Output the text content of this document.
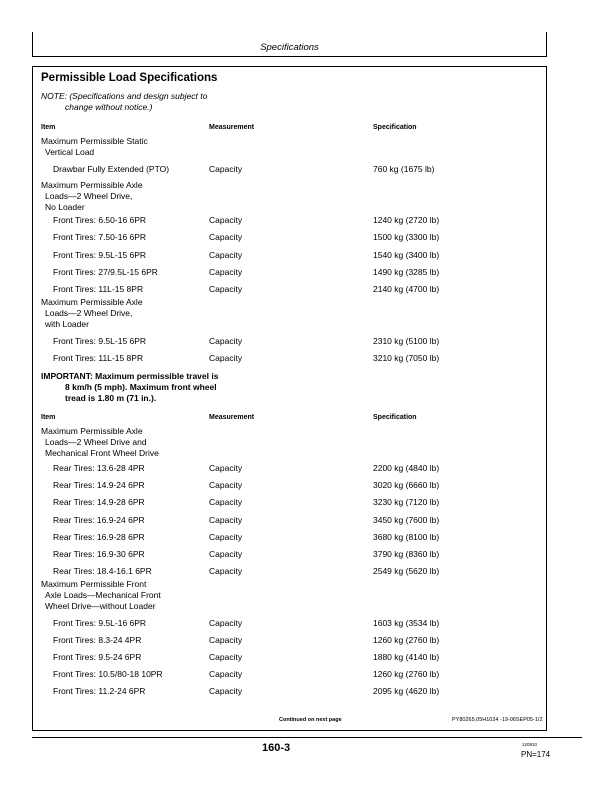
Specifications
Permissible Load Specifications
NOTE: (Specifications and design subject to
change without notice.)
Item	Measurement	Specification
Maximum Permissible Static
Vertical Load
Drawbar Fully Extended (PTO)	Capacity	760 kg (1675 lb)
Maximum Permissible Axle
Loads—2 Wheel Drive,
No Loader
Front Tires: 6.50-16 6PR	Capacity	1240 kg (2720 lb)
Front Tires: 7.50-16 6PR	Capacity	1500 kg (3300 lb)
Front Tires: 9.5L-15 6PR	Capacity	1540 kg (3400 lb)
Front Tires: 27/9.5L-15 6PR	Capacity	1490 kg (3285 lb)
Front Tires: 11L-15 8PR	Capacity	2140 kg (4700 lb)
Maximum Permissible Axle
Loads—2 Wheel Drive,
with Loader
Front Tires: 9.5L-15 6PR	Capacity	2310 kg (5100 lb)
Front Tires: 11L-15 8PR	Capacity	3210 kg (7050 lb)
IMPORTANT: Maximum permissible travel is
8 km/h (5 mph). Maximum front wheel
tread is 1.80 m (71 in.).
Item	Measurement	Specification
Maximum Permissible Axle
Loads—2 Wheel Drive and
Mechanical Front Wheel Drive
Rear Tires: 13.6-28 4PR	Capacity	2200 kg (4840 lb)
Rear Tires: 14.9-24 6PR	Capacity	3020 kg (6660 lb)
Rear Tires: 14.9-28 6PR	Capacity	3230 kg (7120 lb)
Rear Tires: 16.9-24 6PR	Capacity	3450 kg (7600 lb)
Rear Tires: 16.9-28 6PR	Capacity	3680 kg (8100 lb)
Rear Tires: 16.9-30 6PR	Capacity	3790 kg (8360 lb)
Rear Tires: 18.4-16.1 6PR	Capacity	2549 kg (5620 lb)
Maximum Permissible Front
Axle Loads—Mechanical Front
Wheel Drive—without Loader
Front Tires: 9.5L-16 6PR	Capacity	1603 kg (3534 lb)
Front Tires: 8.3-24 4PR	Capacity	1260 kg (2760 lb)
Front Tires: 9.5-24 6PR	Capacity	1880 kg (4140 lb)
Front Tires: 10.5/80-18 10PR	Capacity	1260 kg (2760 lb)
Front Tires: 11.2-24 6PR	Capacity	2095 kg (4620 lb)
Continued on next page	PY80265,05H1024 -19-06SEP05-1/2
160-3	120810
PN=174
